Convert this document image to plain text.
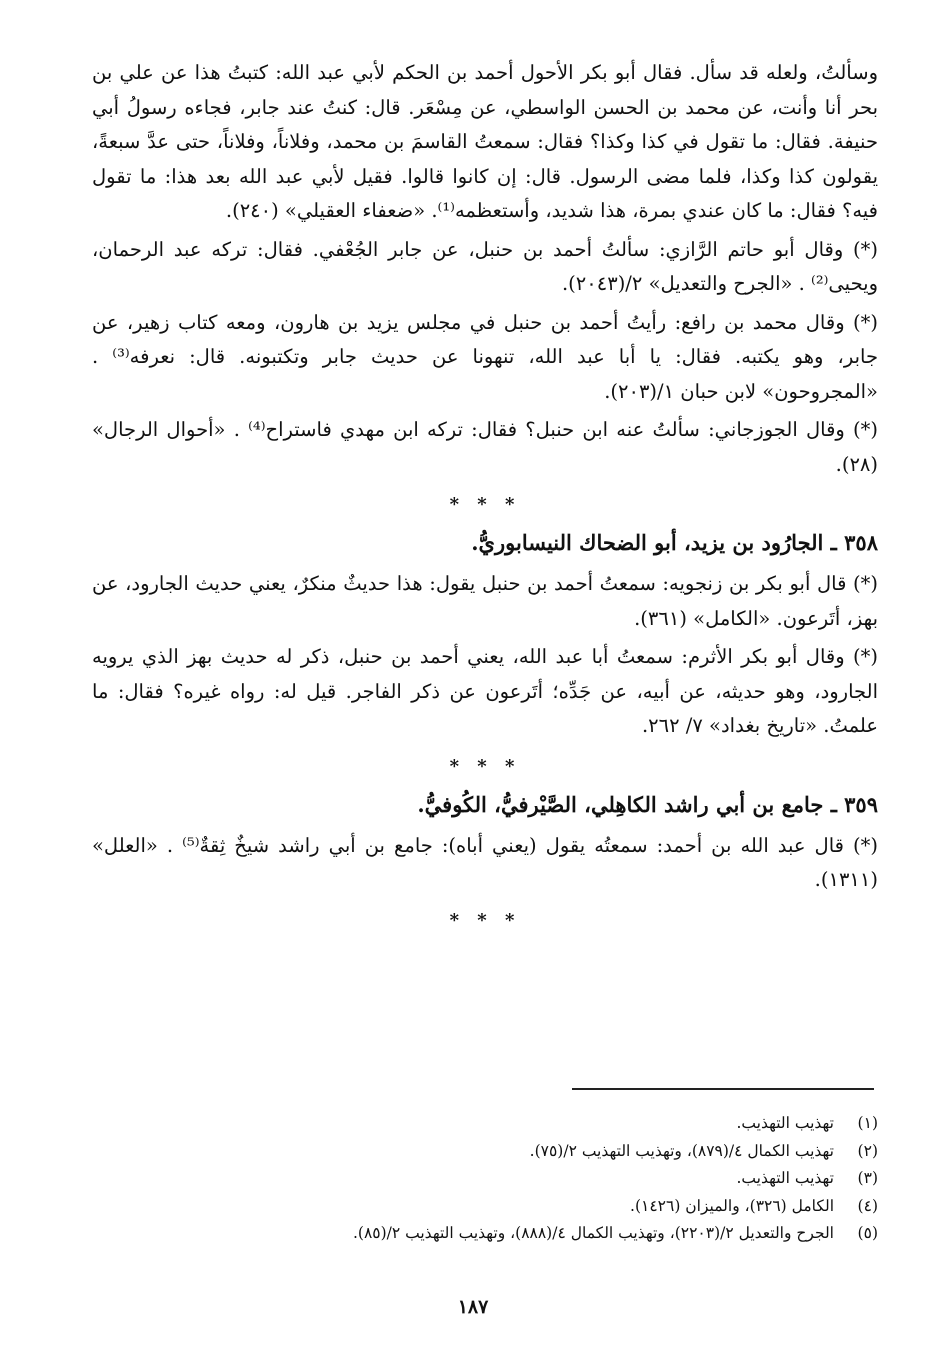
وسألتُ، ولعله قد سأل. فقال أبو بكر الأحول أحمد بن الحكم لأبي عبد الله: كتبتُ هذا عن علي بن بحر أنا وأنت، عن محمد بن الحسن الواسطي، عن مِسْعَر. قال: كنتُ عند جابر، فجاءه رسولُ أبي حنيفة. فقال: ما تقول في كذا وكذا؟ فقال: سمعتُ القاسمَ بن محمد، وفلاناً، وفلاناً، حتى عدَّ سبعةً، يقولون كذا وكذا، فلما مضى الرسول. قال: إن كانوا قالوا. فقيل لأبي عبد الله بعد هذا: ما تقول فيه؟ فقال: ما كان عندي بمرة، هذا شديد، وأستعظمه⁽¹⁾. «ضعفاء العقيلي» (٢٤٠).

(*) وقال أبو حاتم الرَّازي: سألتُ أحمد بن حنبل، عن جابر الجُعْفي. فقال: تركه عبد الرحمان، ويحيى⁽²⁾ . «الجرح والتعديل» ٢/(٢٠٤٣).

(*) وقال محمد بن رافع: رأيتُ أحمد بن حنبل في مجلس يزيد بن هارون، ومعه كتاب زهير، عن جابر، وهو يكتبه. فقال: يا أبا عبد الله، تنهونا عن حديث جابر وتكتبونه. قال: نعرفه⁽³⁾ . «المجروحون» لابن حبان ١/(٢٠٣).

(*) وقال الجوزجاني: سألتُ عنه ابن حنبل؟ فقال: تركه ابن مهدي فاستراح⁽⁴⁾ . «أحوال الرجال» (٢٨).

* * *
٣٥٨ ـ الجارُود بن يزيد، أبو الضحاك النيسابوريُّ.

(*) قال أبو بكر بن زنجويه: سمعتُ أحمد بن حنبل يقول: هذا حديثٌ منكرٌ، يعني حديث الجارود، عن بهز، أتَرعون. «الكامل» (٣٦١).

(*) وقال أبو بكر الأثرم: سمعتُ أبا عبد الله، يعني أحمد بن حنبل، ذكر له حديث بهز الذي يرويه الجارود، وهو حديثه، عن أبيه، عن جَدِّه؛ أتَرعون عن ذكر الفاجر. قيل له: رواه غيره؟ فقال: ما علمتُ. «تاريخ بغداد» ٧/ ٢٦٢.

* * *
٣٥٩ ـ جامع بن أبي راشد الكاهِلي، الصَّيْرفيُّ، الكُوفيُّ.

(*) قال عبد الله بن أحمد: سمعتُه يقول (يعني أباه): جامع بن أبي راشد شيخٌ ثِقةٌ⁽⁵⁾ . «العلل» (١٣١١).

* * *
(١)
تهذيب التهذيب.
(٢)
تهذيب الكمال ٤/(٨٧٩)، وتهذيب التهذيب ٢/(٧٥).
(٣)
تهذيب التهذيب.
(٤)
الكامل (٣٢٦)، والميزان (١٤٢٦).
(٥)
الجرح والتعديل ٢/(٢٢٠٣)، وتهذيب الكمال ٤/(٨٨٨)، وتهذيب التهذيب ٢/(٨٥).
١٨٧
